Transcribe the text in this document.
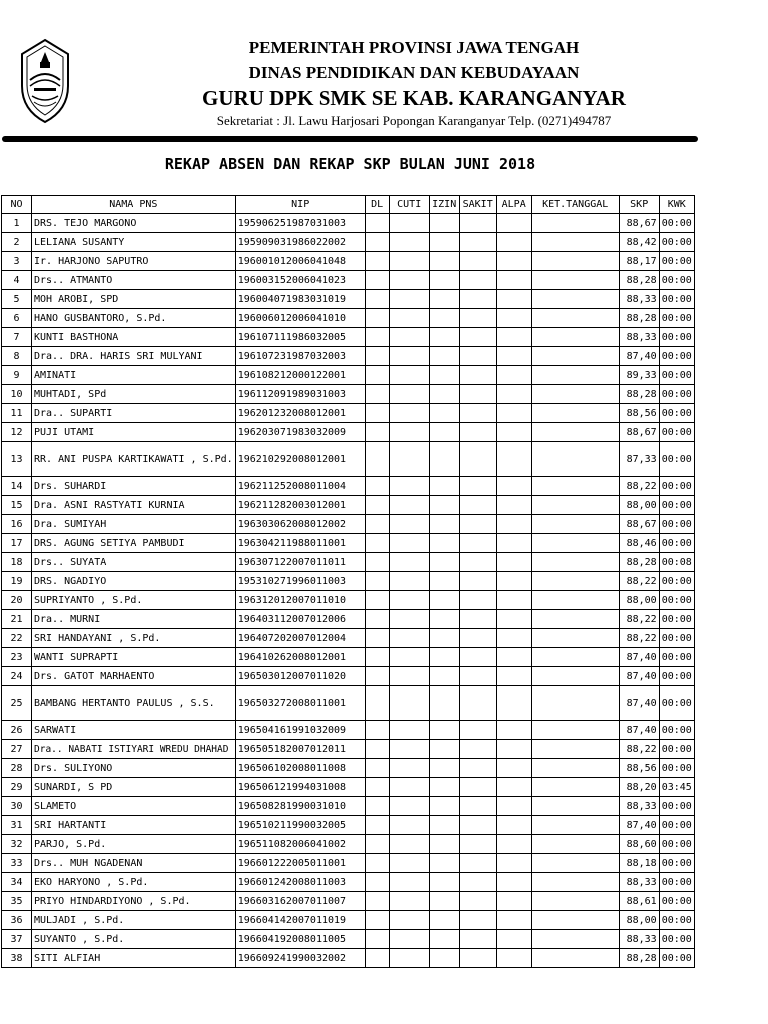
PEMERINTAH PROVINSI JAWA TENGAH
DINAS PENDIDIKAN DAN KEBUDAYAAN
GURU DPK SMK SE KAB. KARANGANYAR
Sekretariat : Jl. Lawu Harjosari Popongan Karanganyar Telp. (0271)494787
REKAP ABSEN DAN REKAP SKP BULAN JUNI 2018
NO	NAMA PNS	NIP	DL	CUTI	IZIN	SAKIT	ALPA	KET.TANGGAL	SKP	KWK
1	DRS. TEJO MARGONO	195906251987031003							88,67	00:00
2	LELIANA SUSANTY	195909031986022002							88,42	00:00
3	Ir. HARJONO SAPUTRO	196001012006041048							88,17	00:00
4	Drs.. ATMANTO	196003152006041023							88,28	00:00
5	MOH AROBI, SPD	196004071983031019							88,33	00:00
6	HANO GUSBANTORO, S.Pd.	196006012006041010							88,28	00:00
7	KUNTI BASTHONA	196107111986032005							88,33	00:00
8	Dra.. DRA. HARIS SRI MULYANI	196107231987032003							87,40	00:00
9	AMINATI	196108212000122001							89,33	00:00
10	MUHTADI, SPd	196112091989031003							88,28	00:00
11	Dra.. SUPARTI	196201232008012001							88,56	00:00
12	PUJI UTAMI	196203071983032009							88,67	00:00
13	RR. ANI PUSPA KARTIKAWATI , S.Pd.	196210292008012001							87,33	00:00
14	Drs. SUHARDI	196211252008011004							88,22	00:00
15	Dra. ASNI RASTYATI KURNIA	196211282003012001							88,00	00:00
16	Dra. SUMIYAH	196303062008012002							88,67	00:00
17	DRS. AGUNG SETIYA PAMBUDI	196304211988011001							88,46	00:00
18	Drs.. SUYATA	196307122007011011							88,28	00:08
19	DRS. NGADIYO	195310271996011003							88,22	00:00
20	SUPRIYANTO , S.Pd.	196312012007011010							88,00	00:00
21	Dra.. MURNI	196403112007012006							88,22	00:00
22	SRI HANDAYANI , S.Pd.	196407202007012004							88,22	00:00
23	WANTI SUPRAPTI	196410262008012001							87,40	00:00
24	Drs. GATOT MARHAENTO	196503012007011020							87,40	00:00
25	BAMBANG HERTANTO PAULUS , S.S.	196503272008011001							87,40	00:00
26	SARWATI	196504161991032009							87,40	00:00
27	Dra.. NABATI ISTIYARI WREDU DHAHAD	196505182007012011							88,22	00:00
28	Drs. SULIYONO	196506102008011008							88,56	00:00
29	SUNARDI, S PD	196506121994031008							88,20	03:45
30	SLAMETO	196508281990031010							88,33	00:00
31	SRI HARTANTI	196510211990032005							87,40	00:00
32	PARJO, S.Pd.	196511082006041002							88,60	00:00
33	Drs.. MUH NGADENAN	196601222005011001							88,18	00:00
34	EKO HARYONO , S.Pd.	196601242008011003							88,33	00:00
35	PRIYO HINDARDIYONO , S.Pd.	196603162007011007							88,61	00:00
36	MULJADI , S.Pd.	196604142007011019							88,00	00:00
37	SUYANTO , S.Pd.	196604192008011005							88,33	00:00
38	SITI ALFIAH	196609241990032002							88,28	00:00
